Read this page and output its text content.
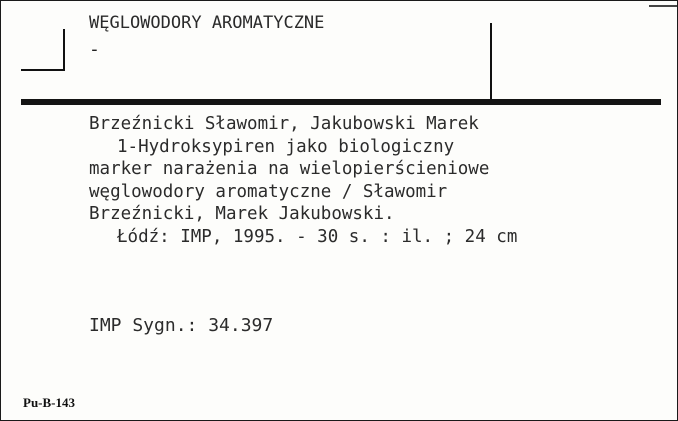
WĘGLOWODORY AROMATYCZNE
-
Brzeźnicki Sławomir, Jakubowski Marek
1-Hydroksypiren jako biologiczny
marker narażenia na wielopierścieniowe
węglowodory aromatyczne / Sławomir
Brzeźnicki, Marek Jakubowski.
Łódź: IMP, 1995. - 30 s. : il. ; 24 cm
IMP Sygn.: 34.397
Pu-B-143
